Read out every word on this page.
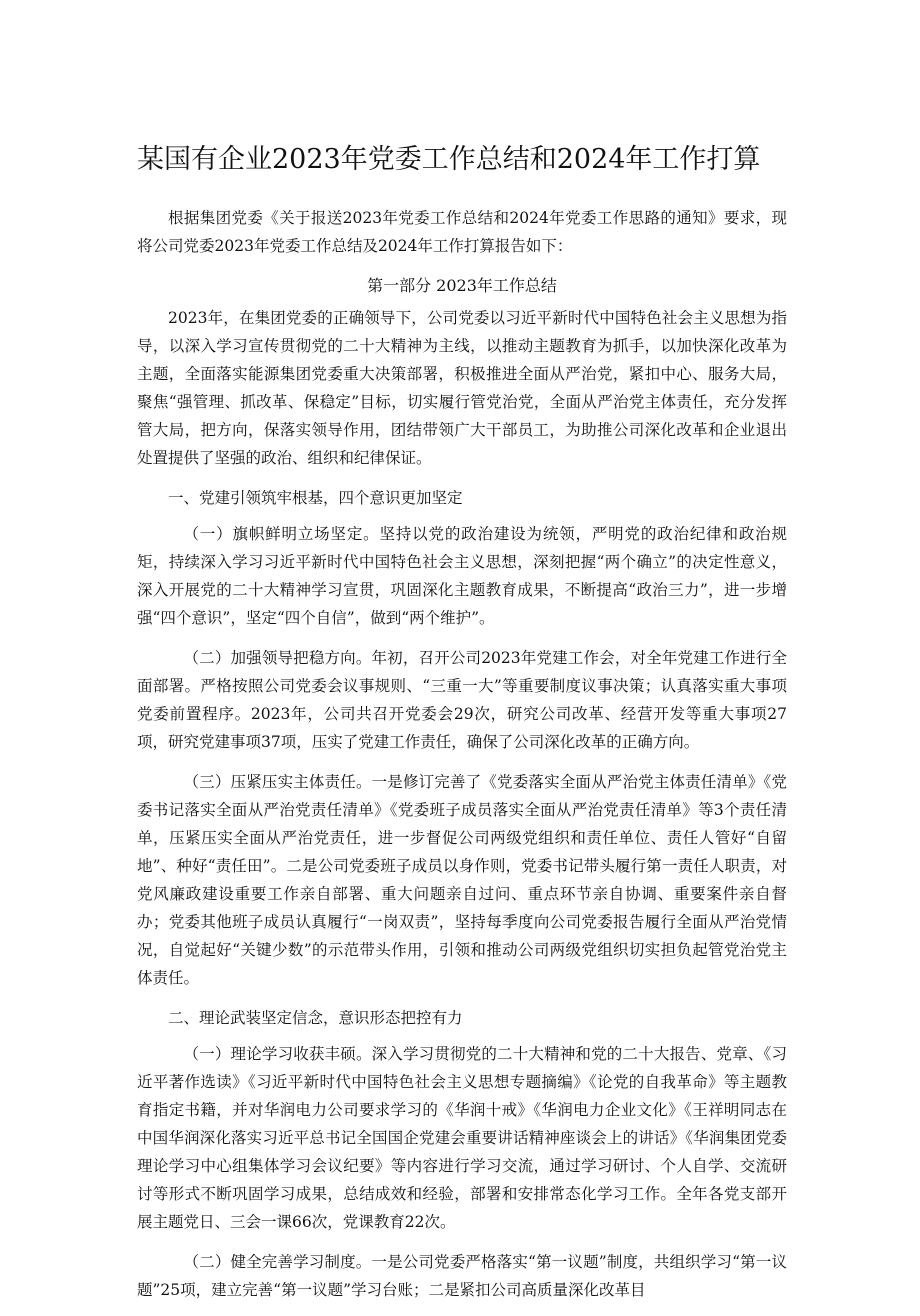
某国有企业2023年党委工作总结和2024年工作打算

根据集团党委《关于报送2023年党委工作总结和2024年党委工作思路的通知》要求，现将公司党委2023年党委工作总结及2024年工作打算报告如下：

第一部分 2023年工作总结

2023年，在集团党委的正确领导下，公司党委以习近平新时代中国特色社会主义思想为指导，以深入学习宣传贯彻党的二十大精神为主线，以推动主题教育为抓手，以加快深化改革为主题，全面落实能源集团党委重大决策部署，积极推进全面从严治党，紧扣中心、服务大局，聚焦“强管理、抓改革、保稳定”目标，切实履行管党治党，全面从严治党主体责任，充分发挥管大局，把方向，保落实领导作用，团结带领广大干部员工，为助推公司深化改革和企业退出处置提供了坚强的政治、组织和纪律保证。

一、党建引领筑牢根基，四个意识更加坚定

（一）旗帜鲜明立场坚定。坚持以党的政治建设为统领，严明党的政治纪律和政治规矩，持续深入学习习近平新时代中国特色社会主义思想，深刻把握“两个确立”的决定性意义，深入开展党的二十大精神学习宣贯，巩固深化主题教育成果，不断提高“政治三力”，进一步增强“四个意识”，坚定“四个自信”，做到“两个维护”。

（二）加强领导把稳方向。年初，召开公司2023年党建工作会，对全年党建工作进行全面部署。严格按照公司党委会议事规则、“三重一大”等重要制度议事决策；认真落实重大事项党委前置程序。2023年，公司共召开党委会29次，研究公司改革、经营开发等重大事项27项，研究党建事项37项，压实了党建工作责任，确保了公司深化改革的正确方向。

（三）压紧压实主体责任。一是修订完善了《党委落实全面从严治党主体责任清单》《党委书记落实全面从严治党责任清单》《党委班子成员落实全面从严治党责任清单》等3个责任清单，压紧压实全面从严治党责任，进一步督促公司两级党组织和责任单位、责任人管好“自留地”、种好“责任田”。二是公司党委班子成员以身作则，党委书记带头履行第一责任人职责，对党风廉政建设重要工作亲自部署、重大问题亲自过问、重点环节亲自协调、重要案件亲自督办；党委其他班子成员认真履行“一岗双责”，坚持每季度向公司党委报告履行全面从严治党情况，自觉起好“关键少数”的示范带头作用，引领和推动公司两级党组织切实担负起管党治党主体责任。

二、理论武装坚定信念，意识形态把控有力

（一）理论学习收获丰硕。深入学习贯彻党的二十大精神和党的二十大报告、党章、《习近平著作选读》《习近平新时代中国特色社会主义思想专题摘编》《论党的自我革命》等主题教育指定书籍，并对华润电力公司要求学习的《华润十戒》《华润电力企业文化》《王祥明同志在中国华润深化落实习近平总书记全国国企党建会重要讲话精神座谈会上的讲话》《华润集团党委理论学习中心组集体学习会议纪要》等内容进行学习交流，通过学习研讨、个人自学、交流研讨等形式不断巩固学习成果，总结成效和经验，部署和安排常态化学习工作。全年各党支部开展主题党日、三会一课66次，党课教育22次。

（二）健全完善学习制度。一是公司党委严格落实“第一议题”制度，共组织学习“第一议题”25项，建立完善“第一议题”学习台账；二是紧扣公司高质量深化改革目
